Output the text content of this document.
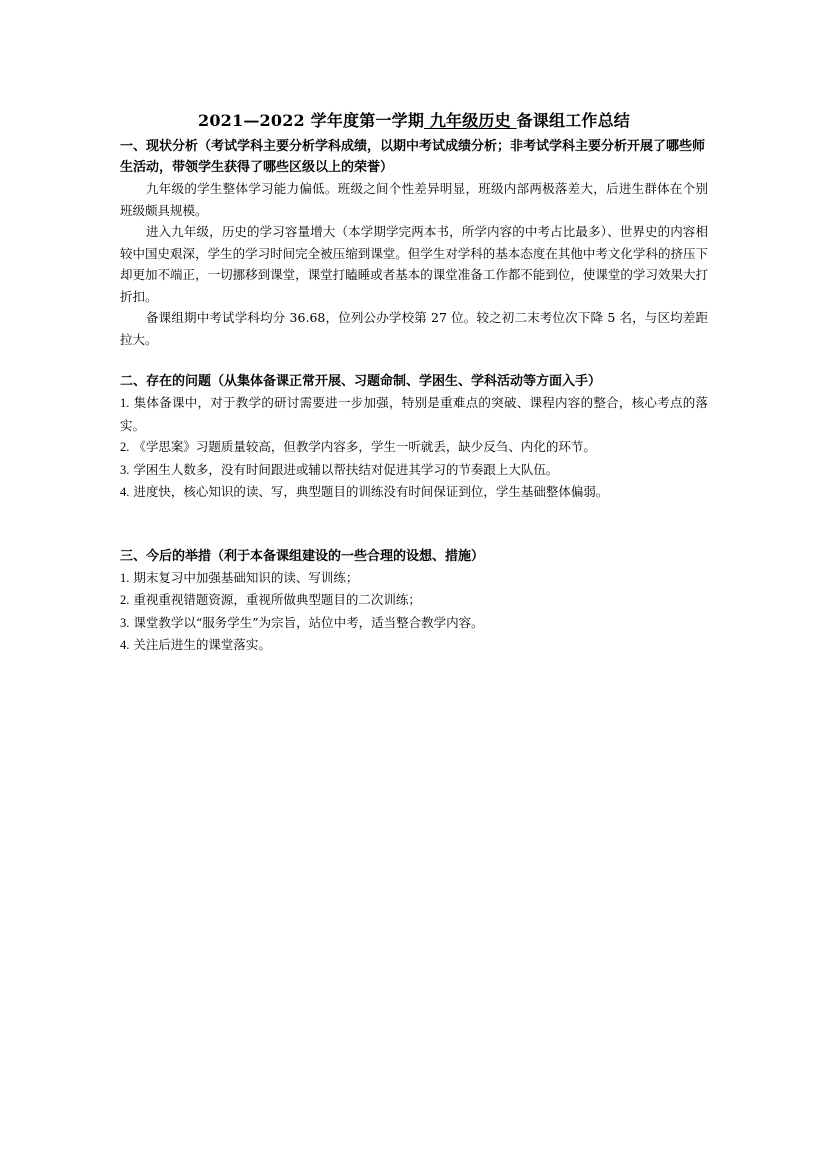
2021—2022 学年度第一学期 九年级历史 备课组工作总结

一、现状分析（考试学科主要分析学科成绩，以期中考试成绩分析；非考试学科主要分析开展了哪些师生活动，带领学生获得了哪些区级以上的荣誉）

九年级的学生整体学习能力偏低。班级之间个性差异明显，班级内部两极落差大，后进生群体在个别班级颇具规模。

进入九年级，历史的学习容量增大（本学期学完两本书，所学内容的中考占比最多）、世界史的内容相较中国史艰深，学生的学习时间完全被压缩到课堂。但学生对学科的基本态度在其他中考文化学科的挤压下却更加不端正，一切挪移到课堂，课堂打瞌睡或者基本的课堂准备工作都不能到位，使课堂的学习效果大打折扣。

备课组期中考试学科均分 36.68，位列公办学校第 27 位。较之初二末考位次下降 5 名，与区均差距拉大。

二、存在的问题（从集体备课正常开展、习题命制、学困生、学科活动等方面入手）

1. 集体备课中，对于教学的研讨需要进一步加强，特别是重难点的突破、课程内容的整合，核心考点的落实。

2. 《学思案》习题质量较高，但教学内容多，学生一听就丢，缺少反刍、内化的环节。

3. 学困生人数多，没有时间跟进或辅以帮扶结对促进其学习的节奏跟上大队伍。

4. 进度快，核心知识的读、写，典型题目的训练没有时间保证到位，学生基础整体偏弱。

三、今后的举措（利于本备课组建设的一些合理的设想、措施）

1. 期末复习中加强基础知识的读、写训练；

2. 重视重视错题资源，重视所做典型题目的二次训练；

3. 课堂教学以“服务学生”为宗旨，站位中考，适当整合教学内容。

4. 关注后进生的课堂落实。
